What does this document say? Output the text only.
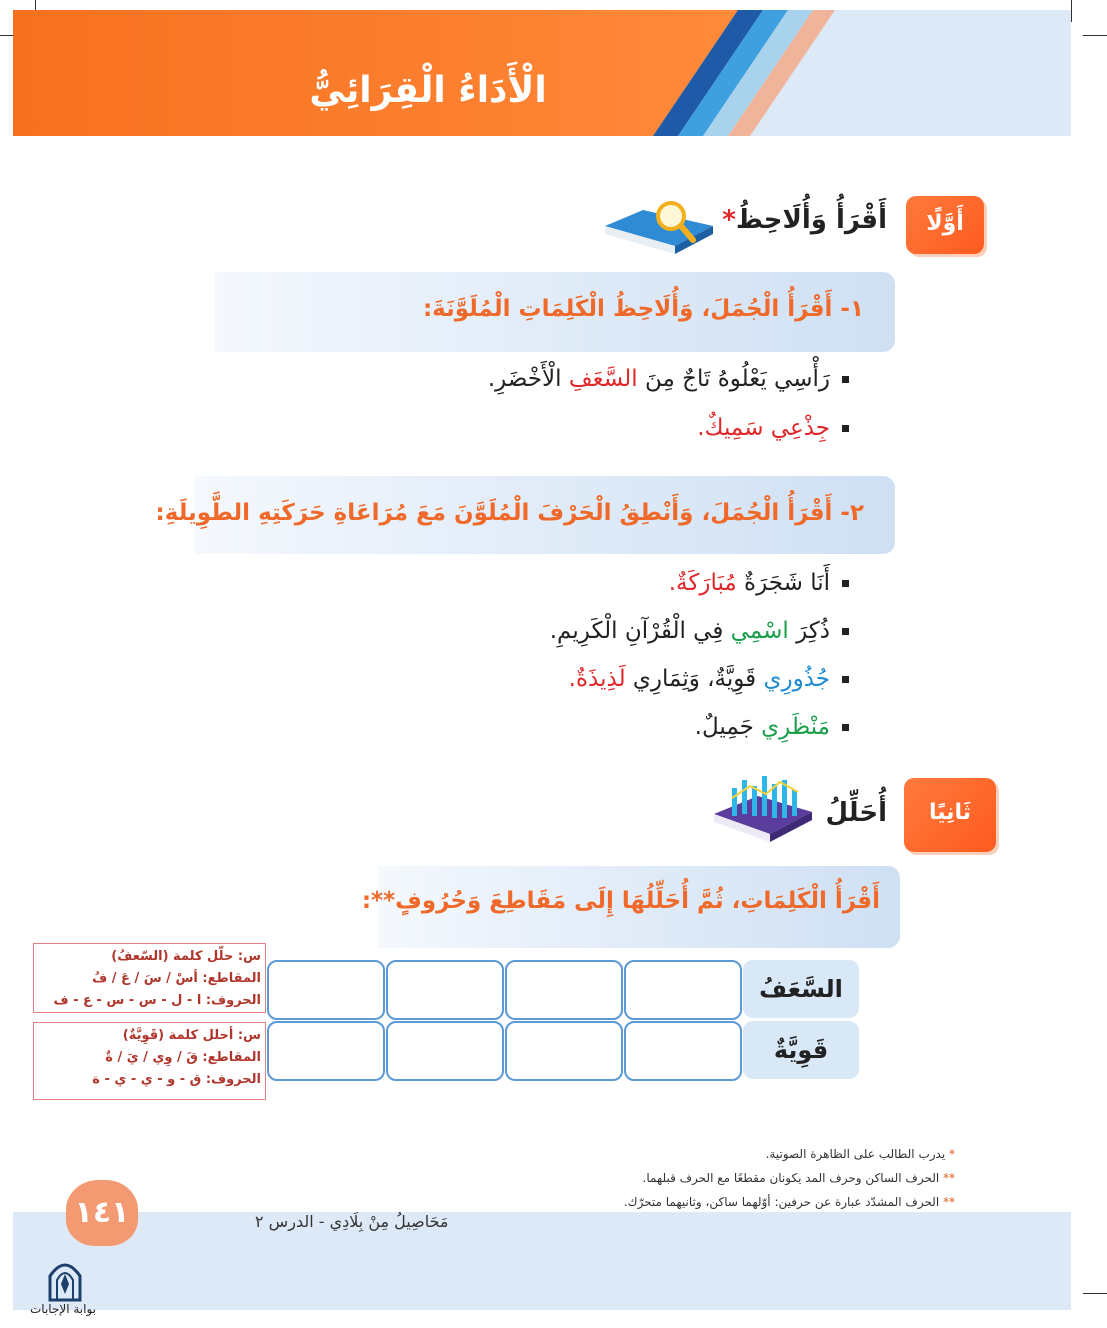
الْأَدَاءُ الْقِرَائِيُّ
أَوَّلًا
أَقْرَأُ وَأُلَاحِظُ*
١- أَقْرَأُ الْجُمَلَ، وَأُلَاحِظُ الْكَلِمَاتِ الْمُلَوَّنَةَ:
رَأْسِي يَعْلُوهُ تَاجٌ مِنَ السَّعَفِ الْأَخْضَرِ.
جِذْعِي سَمِيكٌ.
٢- أَقْرَأُ الْجُمَلَ، وَأَنْطِقُ الْحَرْفَ الْمُلَوَّنَ مَعَ مُرَاعَاةِ حَرَكَتِهِ الطَّوِيلَةِ:
أَنَا شَجَرَةٌ مُبَارَكَةٌ.
ذُكِرَ اسْمِي فِي الْقُرْآنِ الْكَرِيمِ.
جُذُورِي قَوِيَّةٌ، وَثِمَارِي لَذِيذَةٌ.
مَنْظَرِي جَمِيلٌ.
ثَانِيًا
أُحَلِّلُ
أَقْرَأُ الْكَلِمَاتِ، ثُمَّ أُحَلِّلُهَا إِلَى مَقَاطِعَ وَحُرُوفٍ**:
السَّعَفُ
قَوِيَّةٌ
س: حلّل كلمة (السّعفُ)
المقاطع: أسْ / سَ / عَ / فُ
الحروف: ا - ل - س - س - ع - ف
س: أحلل كلمة (قَوِيَّةٌ)
المقاطع: قَ / وِي / يَ / ةٌ
الحروف: ق - و - ي - ي - ة
* يدرب الطالب على الظاهرة الصوتية.
** الحرف الساكن وحرف المد يكونان مقطعًا مع الحرف قبلهما.
** الحرف المشدّد عبارة عن حرفين: أوّلهما ساكن، وثانيهما متحرّك.
١٤١	مَحَاصِيلُ مِنْ بِلَادِي - الدرس ٢
بوابة الإجابات
